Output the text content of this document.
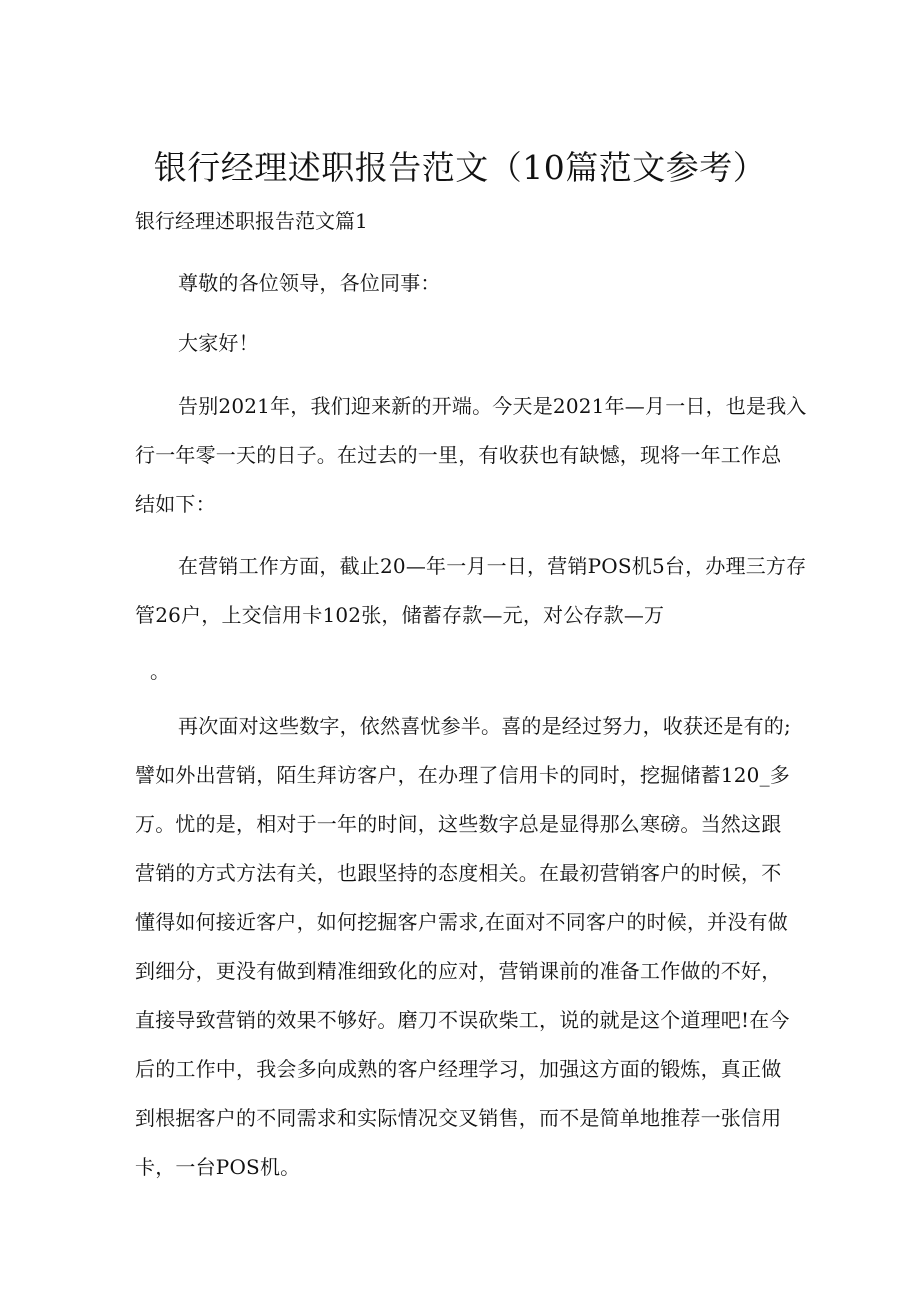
银行经理述职报告范文（10篇范文参考）
银行经理述职报告范文篇1
尊敬的各位领导，各位同事：
大家好！
告别2021年，我们迎来新的开端。今天是2021年—月一日，也是我入
行一年零一天的日子。在过去的一里，有收获也有缺憾，现将一年工作总
结如下：
在营销工作方面，截止20—年一月一日，营销POS机5台，办理三方存
管26户，上交信用卡102张，储蓄存款—元，对公存款—万
。
再次面对这些数字，依然喜忧参半。喜的是经过努力，收获还是有的;
譬如外出营销，陌生拜访客户，在办理了信用卡的同时，挖掘储蓄120_多
万。忧的是，相对于一年的时间，这些数字总是显得那么寒磅。当然这跟
营销的方式方法有关，也跟坚持的态度相关。在最初营销客户的时候，不
懂得如何接近客户，如何挖掘客户需求,在面对不同客户的时候，并没有做
到细分，更没有做到精准细致化的应对，营销课前的准备工作做的不好，
直接导致营销的效果不够好。磨刀不误砍柴工，说的就是这个道理吧!在今
后的工作中，我会多向成熟的客户经理学习，加强这方面的锻炼，真正做
到根据客户的不同需求和实际情况交叉销售，而不是简单地推荐一张信用
卡，一台POS机。
